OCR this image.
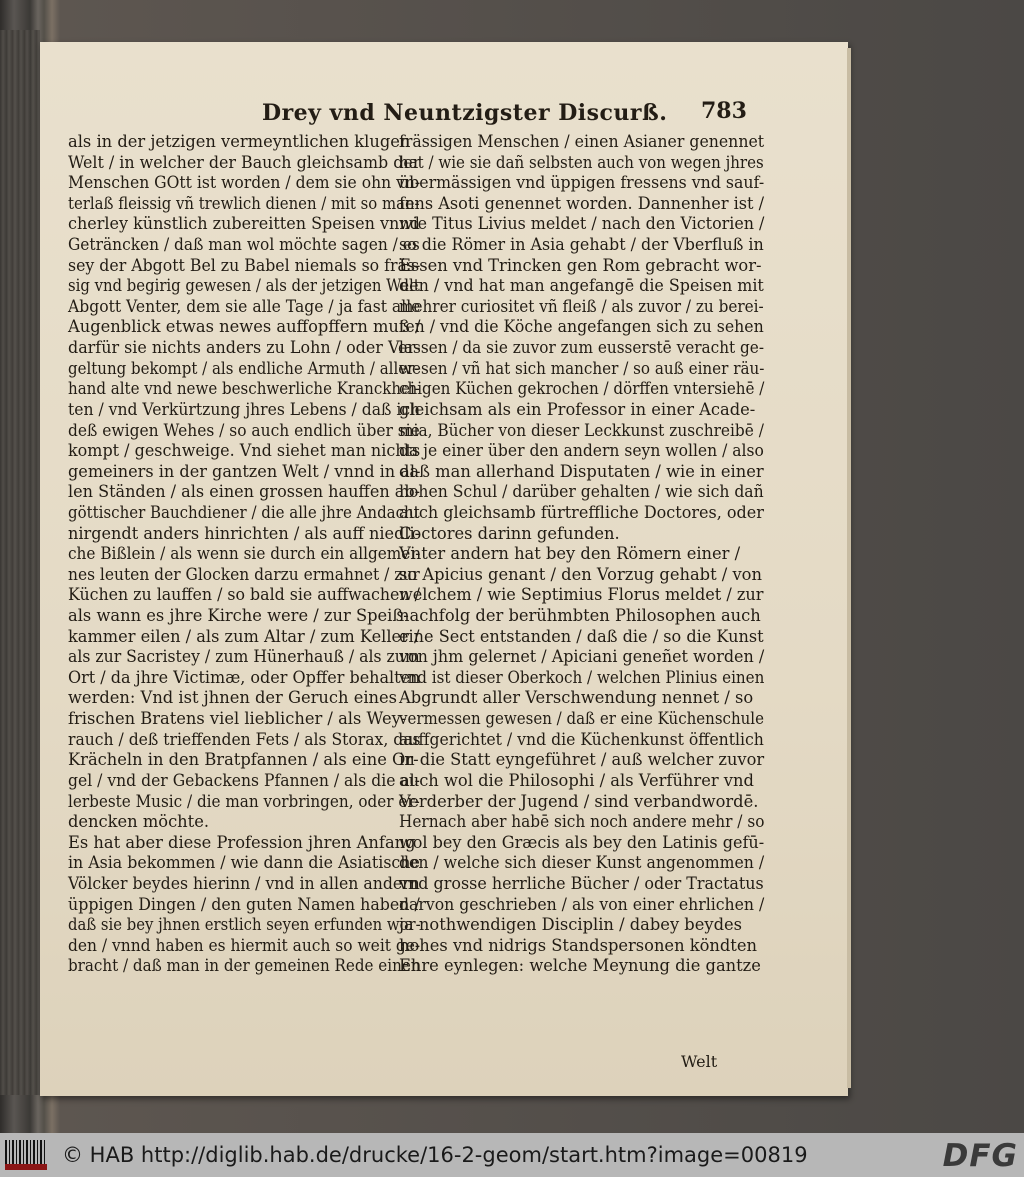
Drey vnd Neuntzigster Discurß. 783
als in der jetzigen vermeyntlichen klugen
Welt / in welcher der Bauch gleichsamb der
Menschen GOtt ist worden / dem sie ohn vn-
terlaß fleissig vñ trewlich dienen / mit so man-
cherley künstlich zubereitten Speisen vnnd
Geträncken / daß man wol möchte sagen / es
sey der Abgott Bel zu Babel niemals so fräs-
sig vnd begirig gewesen / als der jetzigen Welt
Abgott Venter, dem sie alle Tage / ja fast alle
Augenblick etwas newes auffopffern muß /
darfür sie nichts anders zu Lohn / oder Ver-
geltung bekompt / als endliche Armuth / aller-
hand alte vnd newe beschwerliche Kranckhei-
ten / vnd Verkürtzung jhres Lebens / daß ich
deß ewigen Wehes / so auch endlich über sie
kompt / geschweige. Vnd siehet man nichts
gemeiners in der gantzen Welt / vnnd in al-
len Ständen / als einen grossen hauffen ab-
göttischer Bauchdiener / die alle jhre Andacht
nirgendt anders hinrichten / als auff niedli-
che Bißlein / als wenn sie durch ein allgemei-
nes leuten der Glocken darzu ermahnet / zur
Küchen zu lauffen / so bald sie auffwachen /
als wann es jhre Kirche were / zur Speiß-
kammer eilen / als zum Altar / zum Keller /
als zur Sacristey / zum Hünerhauß / als zum
Ort / da jhre Victimæ, oder Opffer behalten
werden: Vnd ist jhnen der Geruch eines
frischen Bratens viel lieblicher / als Wey-
rauch / deß trieffenden Fets / als Storax, das
Krächeln in den Bratpfannen / als eine Or-
gel / vnd der Gebackens Pfannen / als die al-
lerbeste Music / die man vorbringen, oder er-
dencken möchte.
Es hat aber diese Profession jhren Anfang
in Asia bekommen / wie dann die Asiatische
Völcker beydes hierinn / vnd in allen andern
üppigen Dingen / den guten Namen haben /
daß sie bey jhnen erstlich seyen erfunden wor-
den / vnnd haben es hiermit auch so weit ge-
bracht / daß man in der gemeinen Rede einen
frässigen Menschen / einen Asianer genennet
hat / wie sie dañ selbsten auch von wegen jhres
übermässigen vnd üppigen fressens vnd sauf-
fens Asoti genennet worden. Dannenher ist /
wie Titus Livius meldet / nach den Victorien /
so die Römer in Asia gehabt / der Vberfluß in
Essen vnd Trincken gen Rom gebracht wor-
den / vnd hat man angefangē die Speisen mit
mehrer curiositet vñ fleiß / als zuvor / zu berei-
ten / vnd die Köche angefangen sich zu sehen
lassen / da sie zuvor zum eusserstē veracht ge-
wesen / vñ hat sich mancher / so auß einer räu-
chigen Küchen gekrochen / dörffen vntersiehē /
gleichsam als ein Professor in einer Acade-
mia, Bücher von dieser Leckkunst zuschreibē /
da je einer über den andern seyn wollen / also
daß man allerhand Disputaten / wie in einer
hohen Schul / darüber gehalten / wie sich dañ
auch gleichsamb fürtreffliche Doctores, oder
Coctores darinn gefunden.
Vnter andern hat bey den Römern einer /
so Apicius genant / den Vorzug gehabt / von
welchem / wie Septimius Florus meldet / zur
nachfolg der berühmbten Philosophen auch
eine Sect entstanden / daß die / so die Kunst
von jhm gelernet / Apiciani geneñet worden /
vnd ist dieser Oberkoch / welchen Plinius einen
Abgrundt aller Verschwendung nennet / so
vermessen gewesen / daß er eine Küchenschule
auffgerichtet / vnd die Küchenkunst öffentlich
in die Statt eyngeführet / auß welcher zuvor
auch wol die Philosophi / als Verführer vnd
Verderber der Jugend / sind verbandwordē.
Hernach aber habē sich noch andere mehr / so
wol bey den Græcis als bey den Latinis gefū-
den / welche sich dieser Kunst angenommen /
vnd grosse herrliche Bücher / oder Tractatus
darvon geschrieben / als von einer ehrlichen /
ja nothwendigen Disciplin / dabey beydes
hohes vnd nidrigs Standspersonen köndten
Ehre eynlegen: welche Meynung die gantze
Welt
© HAB http://diglib.hab.de/drucke/16-2-geom/start.htm?image=00819	DFG
